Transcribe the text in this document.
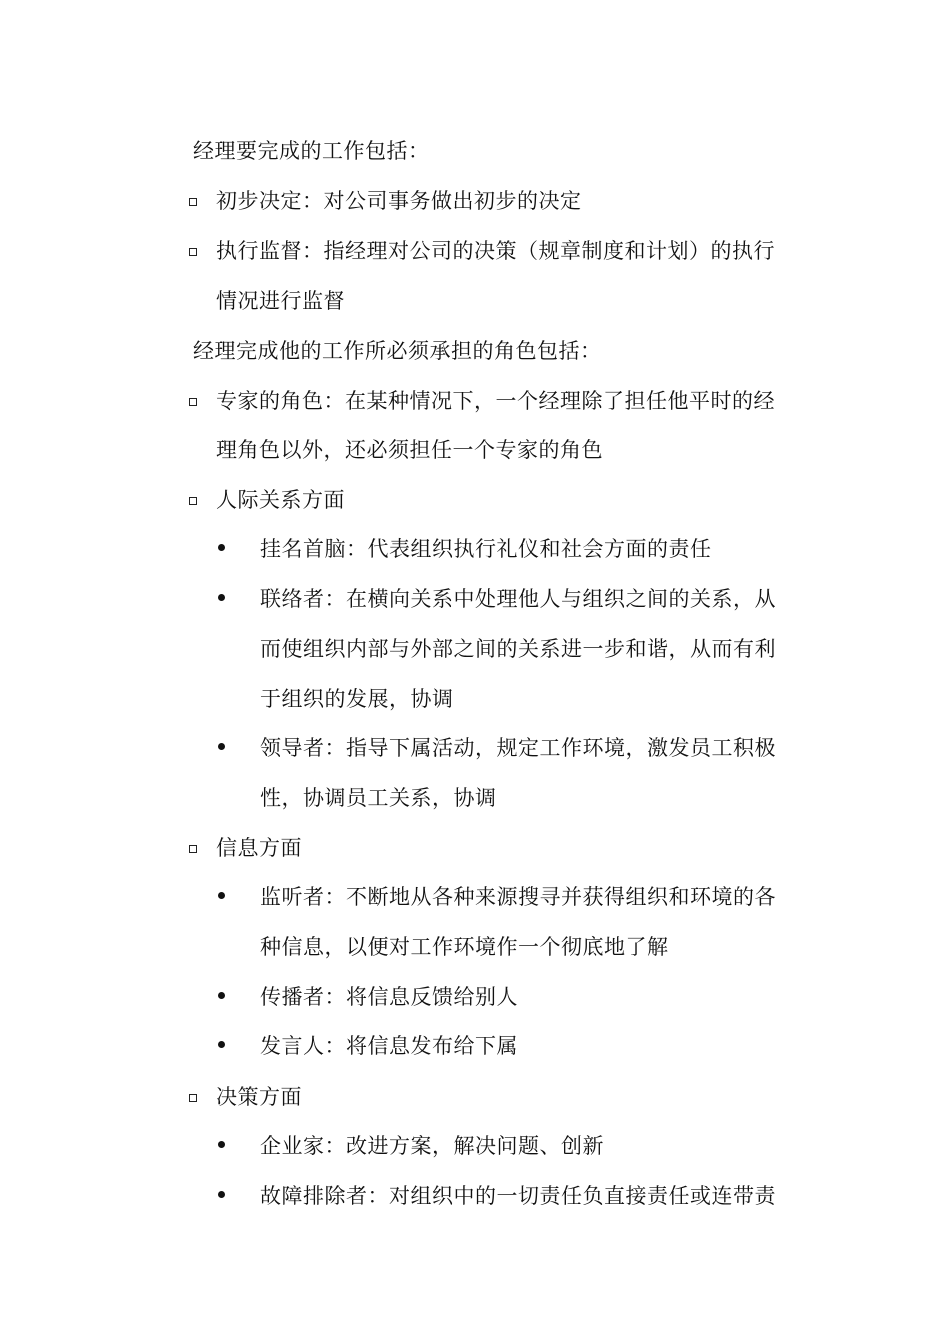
经理要完成的工作包括：
初步决定：对公司事务做出初步的决定
执行监督：指经理对公司的决策（规章制度和计划）的执行
情况进行监督
经理完成他的工作所必须承担的角色包括：
专家的角色：在某种情况下，一个经理除了担任他平时的经
理角色以外，还必须担任一个专家的角色
人际关系方面
挂名首脑：代表组织执行礼仪和社会方面的责任
联络者：在横向关系中处理他人与组织之间的关系，从
而使组织内部与外部之间的关系进一步和谐，从而有利
于组织的发展，协调
领导者：指导下属活动，规定工作环境，激发员工积极
性，协调员工关系，协调
信息方面
监听者：不断地从各种来源搜寻并获得组织和环境的各
种信息，以便对工作环境作一个彻底地了解
传播者：将信息反馈给别人
发言人：将信息发布给下属
决策方面
企业家：改进方案，解决问题、创新
故障排除者：对组织中的一切责任负直接责任或连带责
